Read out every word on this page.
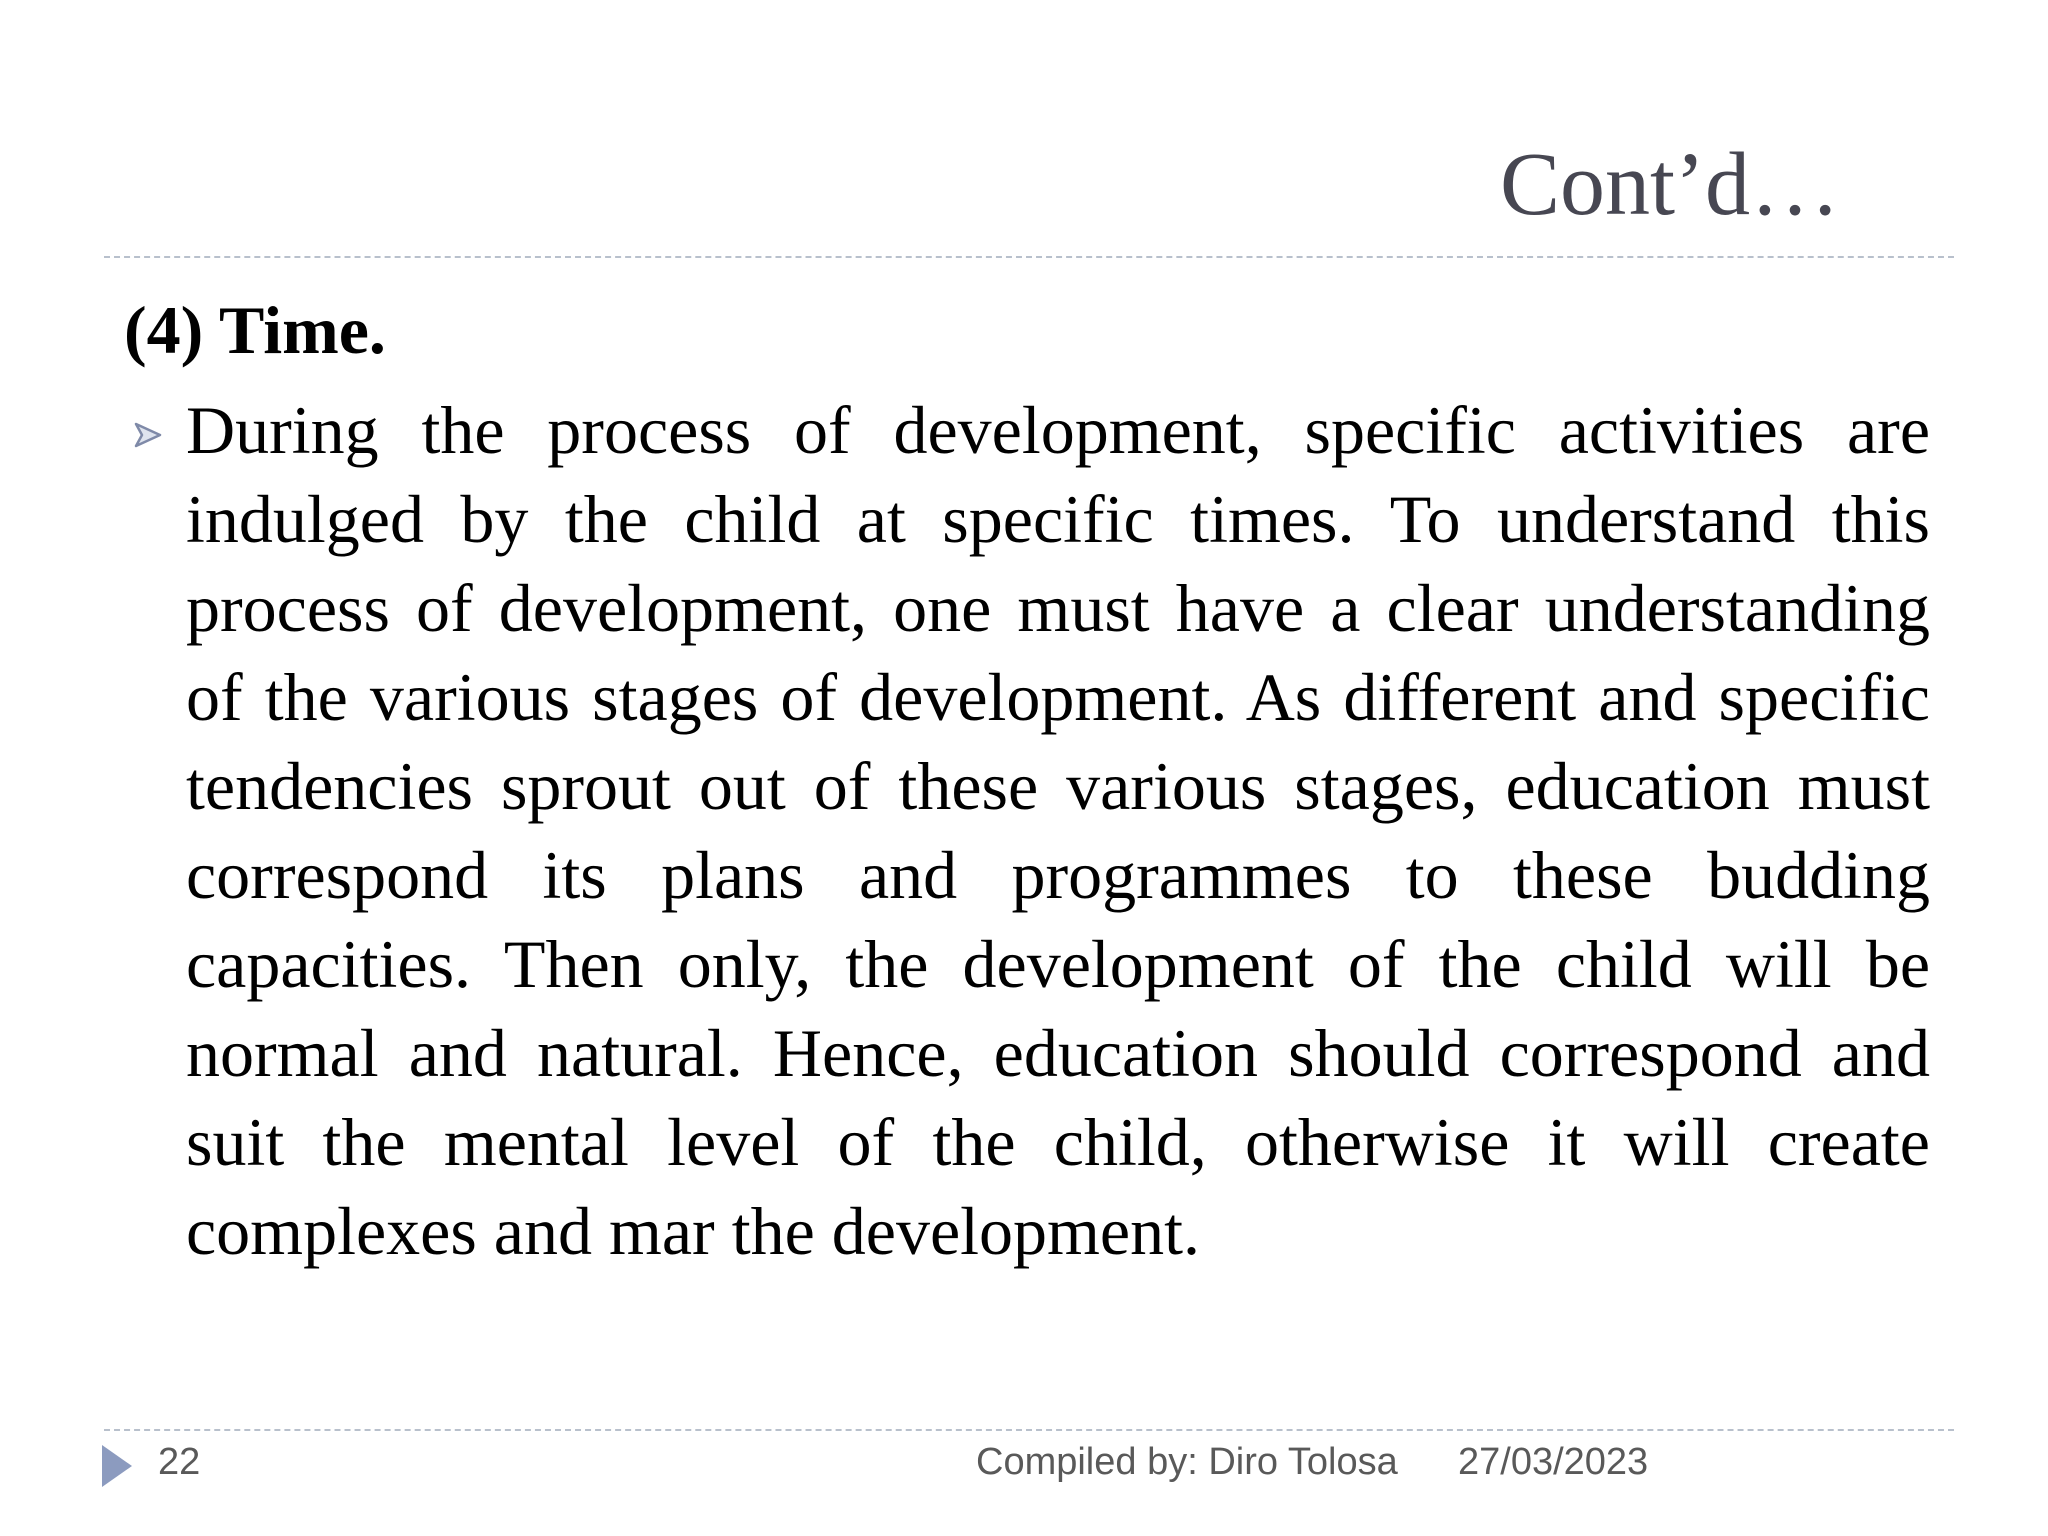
Cont’d…
(4) Time.

During the process of development, specific activities are indulged by the child at specific times. To understand this process of development, one must have a clear understanding of the various stages of development. As different and specific tendencies sprout out of these various stages, education must correspond its plans and programmes to these budding capacities. Then only, the development of the child will be normal and natural. Hence, education should correspond and suit the mental level of the child, otherwise it will create complexes and mar the development.

22	Compiled by: Diro Tolosa 27/03/2023
